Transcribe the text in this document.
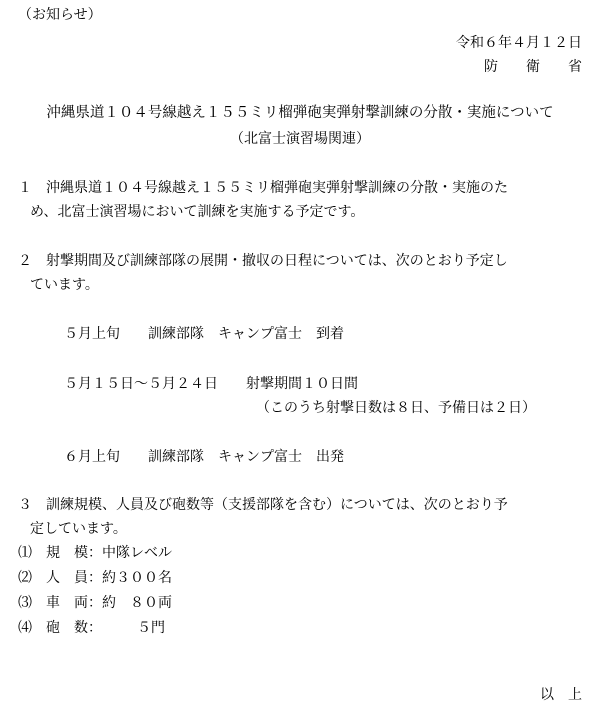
（お知らせ）
令和６年４月１２日
防　　衛　　省
沖縄県道１０４号線越え１５５ミリ榴弾砲実弾射撃訓練の分散・実施について
（北富士演習場関連）
１　沖縄県道１０４号線越え１５５ミリ榴弾砲実弾射撃訓練の分散・実施のた
め、北富士演習場において訓練を実施する予定です。
２　射撃期間及び訓練部隊の展開・撤収の日程については、次のとおり予定し
ています。
５月上旬　　訓練部隊　キャンプ富士　到着
５月１５日～５月２４日　　射撃期間１０日間
（このうち射撃日数は８日、予備日は２日）
６月上旬　　訓練部隊　キャンプ富士　出発
３　訓練規模、人員及び砲数等（支援部隊を含む）については、次のとおり予
定しています。
⑴　規　模：中隊レベル
⑵　人　員：約３００名
⑶　車　両：約　８０両
⑷　砲　数：　　　５門
以　上
